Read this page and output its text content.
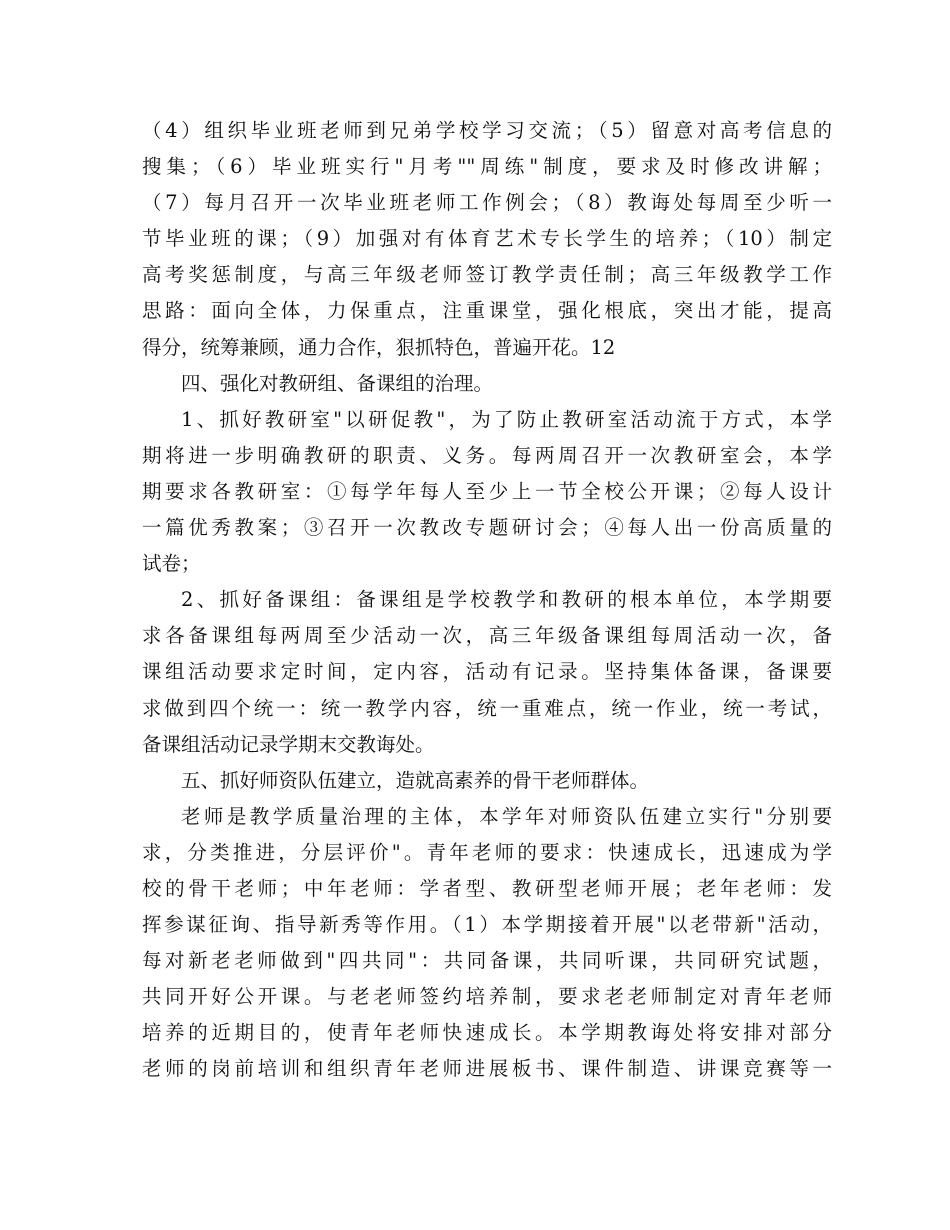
（4）组织毕业班老师到兄弟学校学习交流；（5）留意对高考信息的
搜集；（6）毕业班实行"月考""周练"制度，要求及时修改讲解；
（7）每月召开一次毕业班老师工作例会；（8）教诲处每周至少听一
节毕业班的课；（9）加强对有体育艺术专长学生的培养；（10）制定
高考奖惩制度，与高三年级老师签订教学责任制；高三年级教学工作
思路：面向全体，力保重点，注重课堂，强化根底，突出才能，提高
得分，统筹兼顾，通力合作，狠抓特色，普遍开花。12
四、强化对教研组、备课组的治理。
1、抓好教研室"以研促教"，为了防止教研室活动流于方式，本学
期将进一步明确教研的职责、义务。每两周召开一次教研室会，本学
期要求各教研室：①每学年每人至少上一节全校公开课；②每人设计
一篇优秀教案；③召开一次教改专题研讨会；④每人出一份高质量的
试卷；
2、抓好备课组：备课组是学校教学和教研的根本单位，本学期要
求各备课组每两周至少活动一次，高三年级备课组每周活动一次，备
课组活动要求定时间，定内容，活动有记录。坚持集体备课，备课要
求做到四个统一：统一教学内容，统一重难点，统一作业，统一考试，
备课组活动记录学期末交教诲处。
五、抓好师资队伍建立，造就高素养的骨干老师群体。
老师是教学质量治理的主体，本学年对师资队伍建立实行"分别要
求，分类推进，分层评价"。青年老师的要求：快速成长，迅速成为学
校的骨干老师；中年老师：学者型、教研型老师开展；老年老师：发
挥参谋征询、指导新秀等作用。（1）本学期接着开展"以老带新"活动，
每对新老老师做到"四共同"：共同备课，共同听课，共同研究试题，
共同开好公开课。与老老师签约培养制，要求老老师制定对青年老师
培养的近期目的，使青年老师快速成长。本学期教诲处将安排对部分
老师的岗前培训和组织青年老师进展板书、课件制造、讲课竞赛等一
